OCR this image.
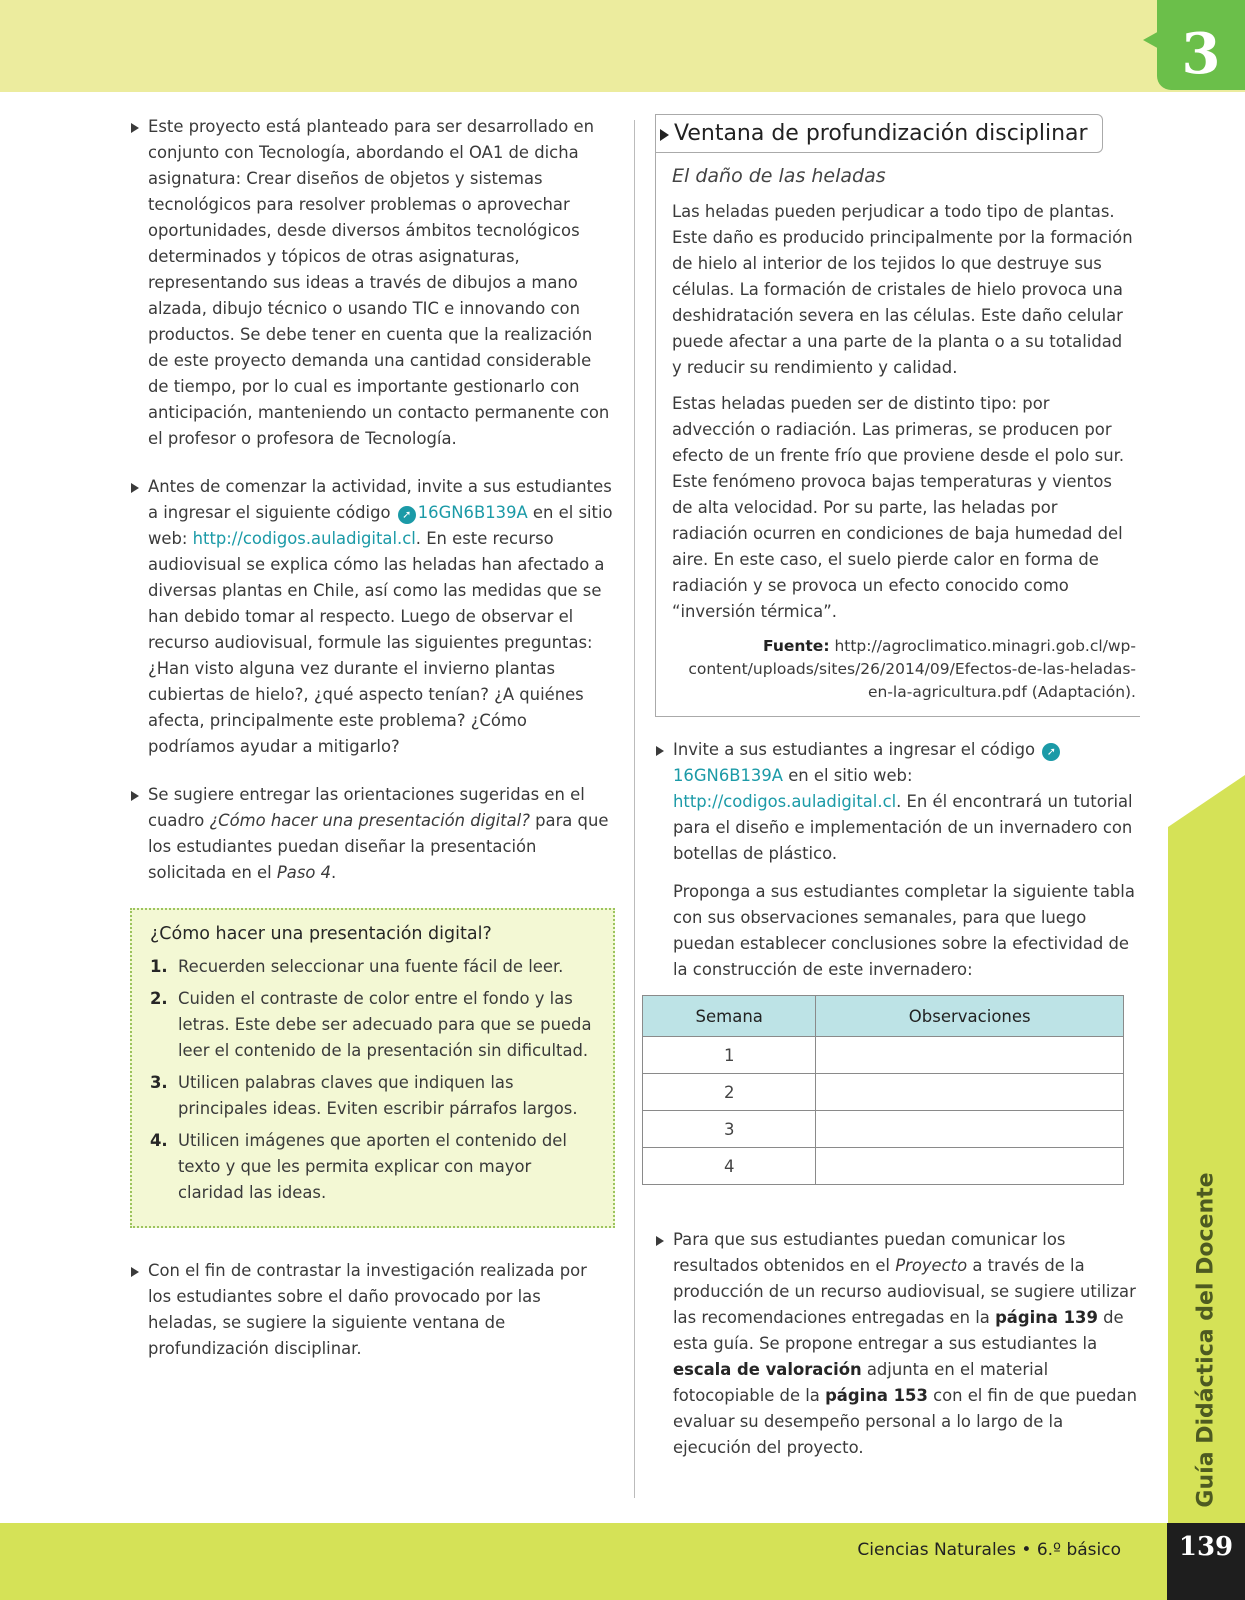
3
Guía Didáctica del Docente

Este proyecto está planteado para ser desarrollado en conjunto con Tecnología, abordando el OA1 de dicha asignatura: Crear diseños de objetos y sistemas tecnológicos para resolver problemas o aprovechar oportunidades, desde diversos ámbitos tecnológicos determinados y tópicos de otras asignaturas, representando sus ideas a través de dibujos a mano alzada, dibujo técnico o usando TIC e innovando con productos. Se debe tener en cuenta que la realización de este proyecto demanda una cantidad considerable de tiempo, por lo cual es importante gestionarlo con anticipación, manteniendo un contacto permanente con el profesor o profesora de Tecnología.

Antes de comenzar la actividad, invite a sus estudiantes a ingresar el siguiente código ➚ 16GN6B139A en el sitio web: http://codigos.auladigital.cl. En este recurso audiovisual se explica cómo las heladas han afectado a diversas plantas en Chile, así como las medidas que se han debido tomar al respecto. Luego de observar el recurso audiovisual, formule las siguientes preguntas: ¿Han visto alguna vez durante el invierno plantas cubiertas de hielo?, ¿qué aspecto tenían? ¿A quiénes afecta, principalmente este problema? ¿Cómo podríamos ayudar a mitigarlo?

Se sugiere entregar las orientaciones sugeridas en el cuadro ¿Cómo hacer una presentación digital? para que los estudiantes puedan diseñar la presentación solicitada en el Paso 4.

¿Cómo hacer una presentación digital?
1. Recuerden seleccionar una fuente fácil de leer.
2. Cuiden el contraste de color entre el fondo y las letras. Este debe ser adecuado para que se pueda leer el contenido de la presentación sin dificultad.
3. Utilicen palabras claves que indiquen las principales ideas. Eviten escribir párrafos largos.
4. Utilicen imágenes que aporten el contenido del texto y que les permita explicar con mayor claridad las ideas.

Con el fin de contrastar la investigación realizada por los estudiantes sobre el daño provocado por las heladas, se sugiere la siguiente ventana de profundización disciplinar.

Ventana de profundización disciplinar
El daño de las heladas

Las heladas pueden perjudicar a todo tipo de plantas. Este daño es producido principalmente por la formación de hielo al interior de los tejidos lo que destruye sus células. La formación de cristales de hielo provoca una deshidratación severa en las células. Este daño celular puede afectar a una parte de la planta o a su totalidad y reducir su rendimiento y calidad.

Estas heladas pueden ser de distinto tipo: por advección o radiación. Las primeras, se producen por efecto de un frente frío que proviene desde el polo sur. Este fenómeno provoca bajas temperaturas y vientos de alta velocidad. Por su parte, las heladas por radiación ocurren en condiciones de baja humedad del aire. En este caso, el suelo pierde calor en forma de radiación y se provoca un efecto conocido como “inversión térmica”.

Fuente: http://agroclimatico.minagri.gob.cl/wp-content/uploads/sites/26/2014/09/Efectos-de-las-heladas-en-la-agricultura.pdf (Adaptación).

Invite a sus estudiantes a ingresar el código ➚16GN6B139A en el sitio web: http://codigos.auladigital.cl. En él encontrará un tutorial para el diseño e implementación de un invernadero con botellas de plástico.

Proponga a sus estudiantes completar la siguiente tabla con sus observaciones semanales, para que luego puedan establecer conclusiones sobre la efectividad de la construcción de este invernadero:

Semana	Observaciones
1	
2	
3	
4	

Para que sus estudiantes puedan comunicar los resultados obtenidos en el Proyecto a través de la producción de un recurso audiovisual, se sugiere utilizar las recomendaciones entregadas en la página 139 de esta guía. Se propone entregar a sus estudiantes la escala de valoración adjunta en el material fotocopiable de la página 153 con el fin de que puedan evaluar su desempeño personal a lo largo de la ejecución del proyecto.

Ciencias Naturales • 6.º básico	139
